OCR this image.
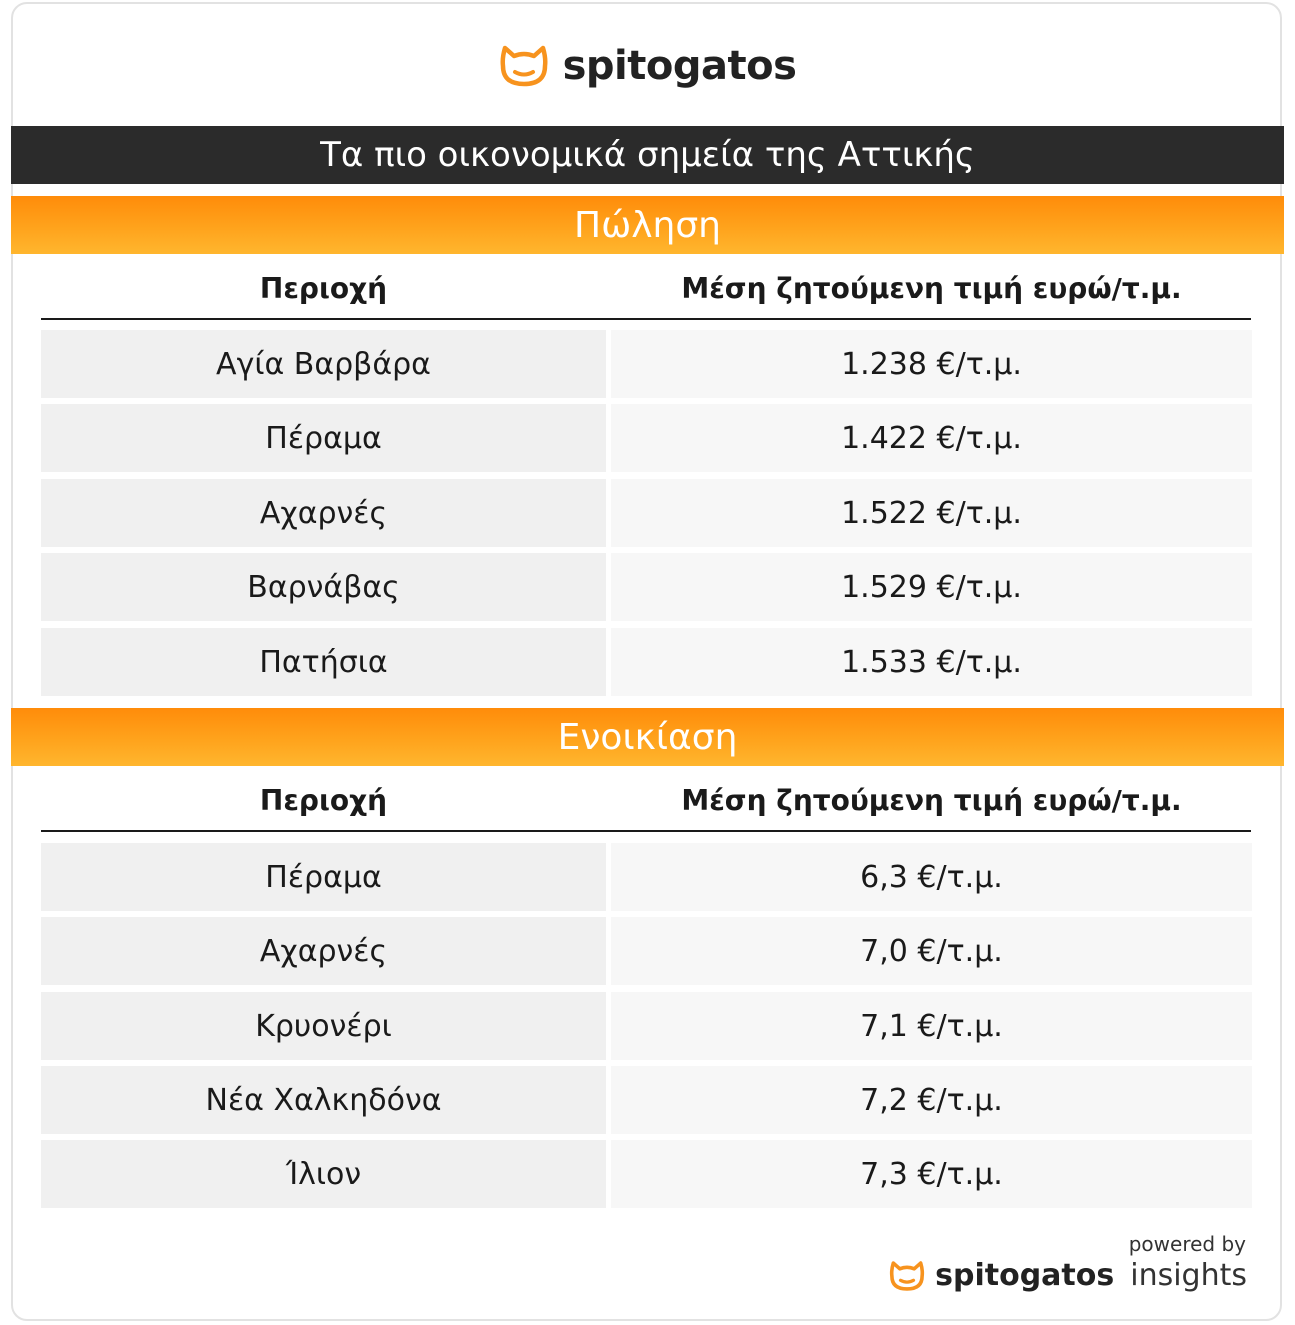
spitogatos
Τα πιο οικονομικά σημεία της Αττικής
Πώληση
Περιοχή	Μέση ζητούμενη τιμή ευρώ/τ.μ.
Αγία Βαρβάρα	1.238 €/τ.μ.
Πέραμα	1.422 €/τ.μ.
Αχαρνές	1.522 €/τ.μ.
Βαρνάβας	1.529 €/τ.μ.
Πατήσια	1.533 €/τ.μ.
Ενοικίαση
Περιοχή	Μέση ζητούμενη τιμή ευρώ/τ.μ.
Πέραμα	6,3 €/τ.μ.
Αχαρνές	7,0 €/τ.μ.
Κρυονέρι	7,1 €/τ.μ.
Νέα Χαλκηδόνα	7,2 €/τ.μ.
Ίλιον	7,3 €/τ.μ.
powered by
spitogatos insights
